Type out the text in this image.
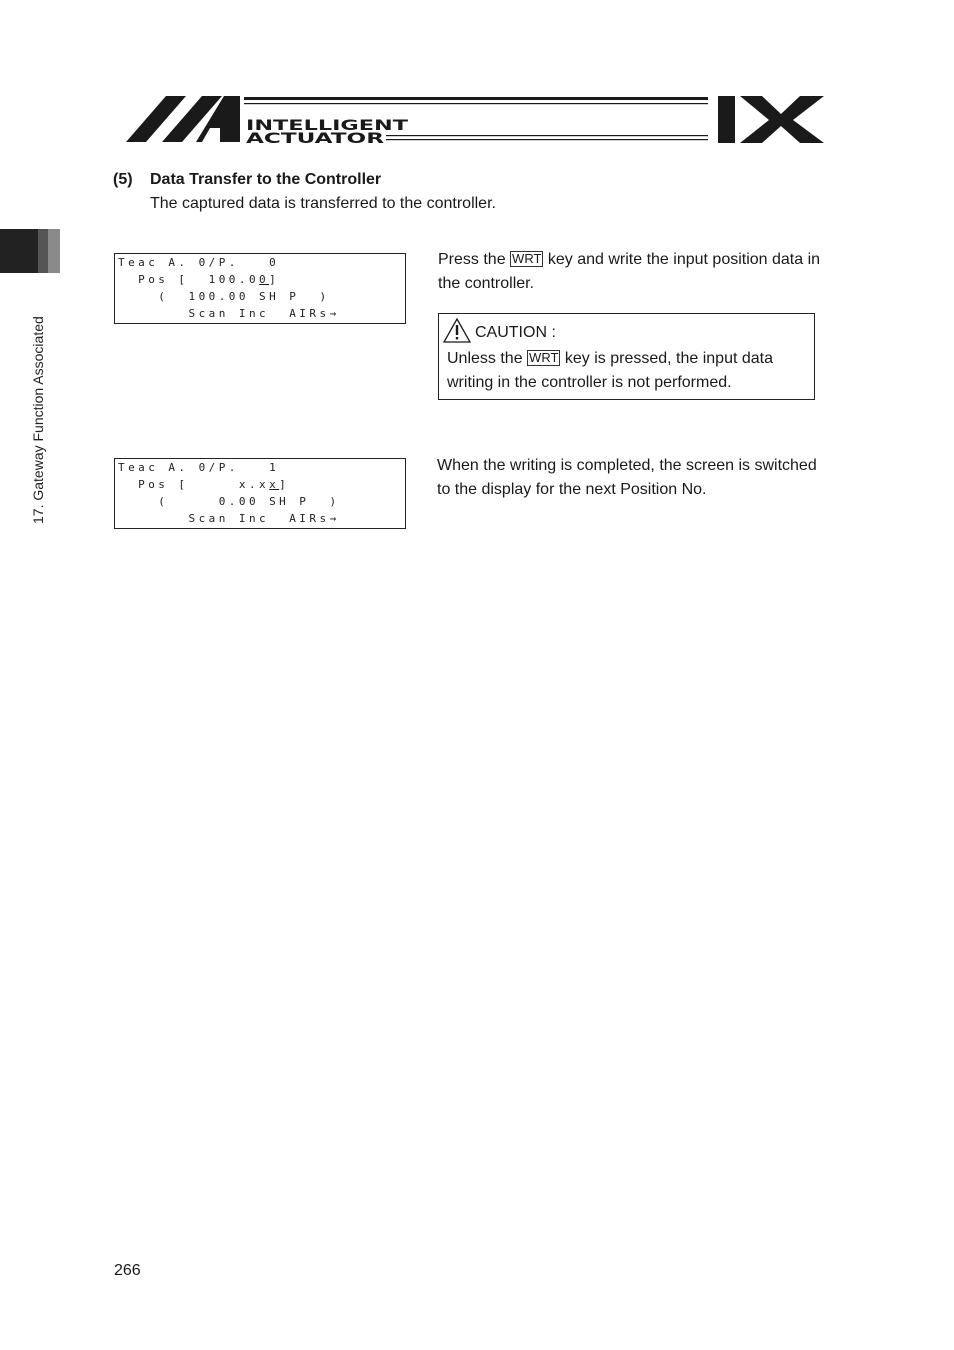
INTELLIGENT
ACTUATOR
17. Gateway Function Associated
(5) Data Transfer to the Controller
The captured data is transferred to the controller.
Teac A. 0/P.   0
Pos [  100.00]
(  100.00 SH P  )
Scan Inc  AIRs→
Press the WRT key and write the input position data in the controller.
CAUTION :
Unless the WRT key is pressed, the input data writing in the controller is not performed.
Teac A. 0/P.   1
Pos [     x.xx]
(     0.00 SH P  )
Scan Inc  AIRs→
When the writing is completed, the screen is switched to the display for the next Position No.
266
